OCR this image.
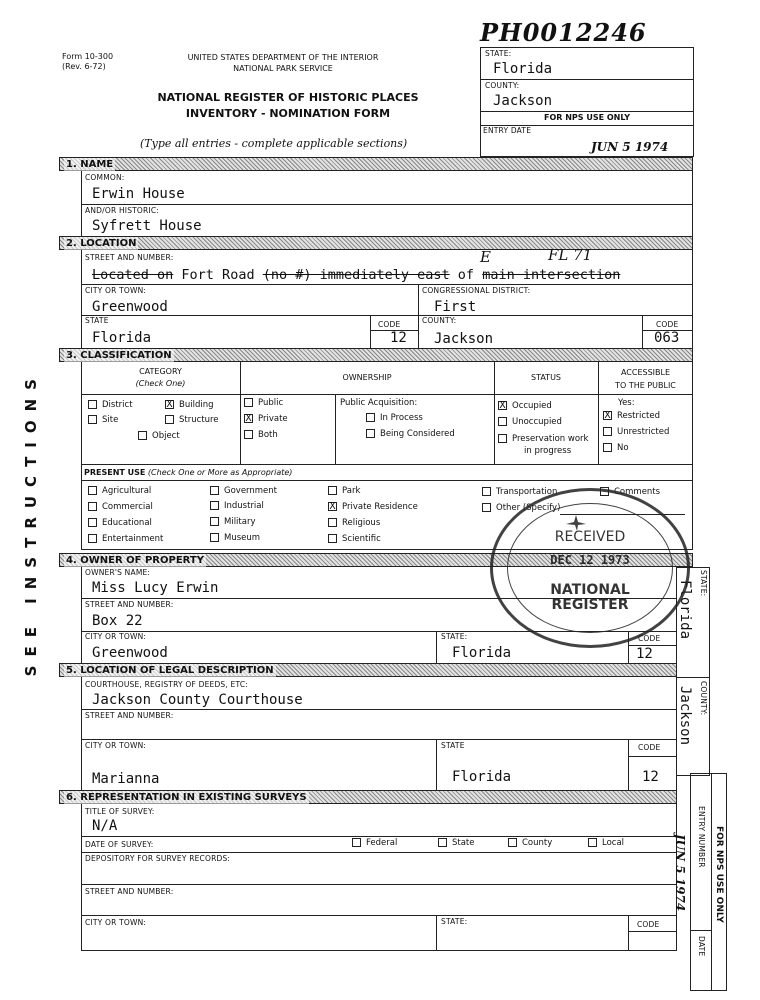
Form 10-300
(Rev. 6-72)
UNITED STATES DEPARTMENT OF THE INTERIOR
NATIONAL PARK SERVICE
NATIONAL REGISTER OF HISTORIC PLACES
INVENTORY - NOMINATION FORM
(Type all entries - complete applicable sections)
PH0012246
STATE:
Florida
COUNTY:
Jackson
FOR NPS USE ONLY
ENTRY DATE
JUN 5 1974
SEE INSTRUCTIONS
1. NAME
COMMON:
Erwin House
AND/OR HISTORIC:
Syfrett House
2. LOCATION
STREET AND NUMBER:	E	FL 71
Located on Fort Road (no #) immediately east of main intersection
CITY OR TOWN:	CONGRESSIONAL DISTRICT:
Greenwood	First
STATE	CODE	COUNTY:	CODE
Florida	12 Jackson	063
3. CLASSIFICATION
CATEGORY
(Check One)
OWNERSHIP	STATUS
ACCESSIBLE
TO THE PUBLIC
District	X Building
Site	Structure
Object
Public
X Private
Both
Public Acquisition:
In Process
Being Considered
X Occupied
Unoccupied
Preservation work
in progress
Yes:
X Restricted
Unrestricted
No
PRESENT USE (Check One or More as Appropriate)
Agricultural
Commercial
Educational
Entertainment
Government
Industrial
Military
Museum
Park
X Private Residence
Religious
Scientific
Transportation
Other (Specify)
Comments
4. OWNER OF PROPERTY
OWNER'S NAME:
Miss Lucy Erwin
STREET AND NUMBER:
Box 22
CITY OR TOWN:	STATE:	CODE
Greenwood	Florida	12
5. LOCATION OF LEGAL DESCRIPTION
COURTHOUSE, REGISTRY OF DEEDS, ETC:
Jackson County Courthouse
STREET AND NUMBER:
CITY OR TOWN:	STATE	CODE
Marianna	Florida	12
6. REPRESENTATION IN EXISTING SURVEYS
TITLE OF SURVEY:
N/A
DATE OF SURVEY:	Federal	State	County	Local
DEPOSITORY FOR SURVEY RECORDS:
STREET AND NUMBER:
CITY OR TOWN:	STATE:	CODE
STATE:
Florida
COUNTY:
Jackson
FOR NPS USE ONLY
ENTRY NUMBER
DATE
JUN 5 1974
RECEIVED
DEC 12 1973
NATIONAL
REGISTER
